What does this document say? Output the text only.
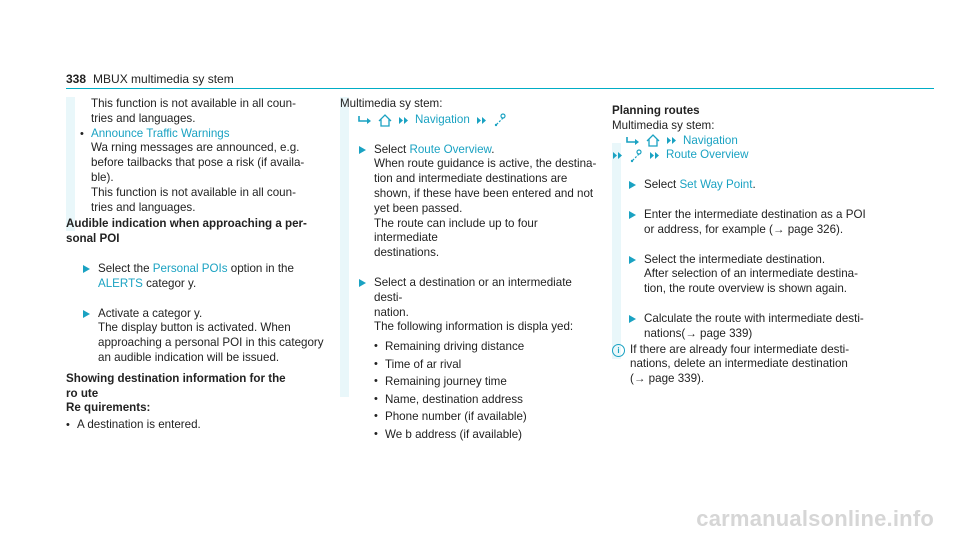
338 MBUX multimedia sy stem

This function is not available in all coun‐

tries and languages.

• Announce Traffic Warnings

Wa rning messages are announced, e.g.

before tailbacks that pose a risk (if availa‐

ble).

This function is not available in all coun‐

tries and languages.

Audible indication when approaching a per‐

sonal POI

Select the Personal POIs option in the

ALERTS categor y.

Activate a categor y.

The display button is activated. When

approaching a personal POI in this category

an audible indication will be issued.

Showing destination information for the

ro ute

Re quirements:

• A destination is entered.

Multimedia sy stem:

Navigation

Select Route Overview.

When route guidance is active, the destina‐

tion and intermediate destinations are

shown, if these have been entered and not

yet been passed.

The route can include up to four intermediate

destinations.

Select a destination or an intermediate desti‐

nation.

The following information is displa yed:

• Remaining driving distance
• Time of ar rival
• Remaining journey time
• Name, destination address
• Phone number (if available)
• We b address (if available)

Planning routes

Multimedia sy stem:

Navigation
Route Overview

Select Set Way Point.

Enter the intermediate destination as a POI

or address, for example (→ page 326).

Select the intermediate destination.

After selection of an intermediate destina‐

tion, the route overview is shown again.

Calculate the route with intermediate desti‐

nations(→ page 339)

i If there are already four intermediate desti‐

nations, delete an intermediate destination

(→ page 339).

carmanualsonline.info
